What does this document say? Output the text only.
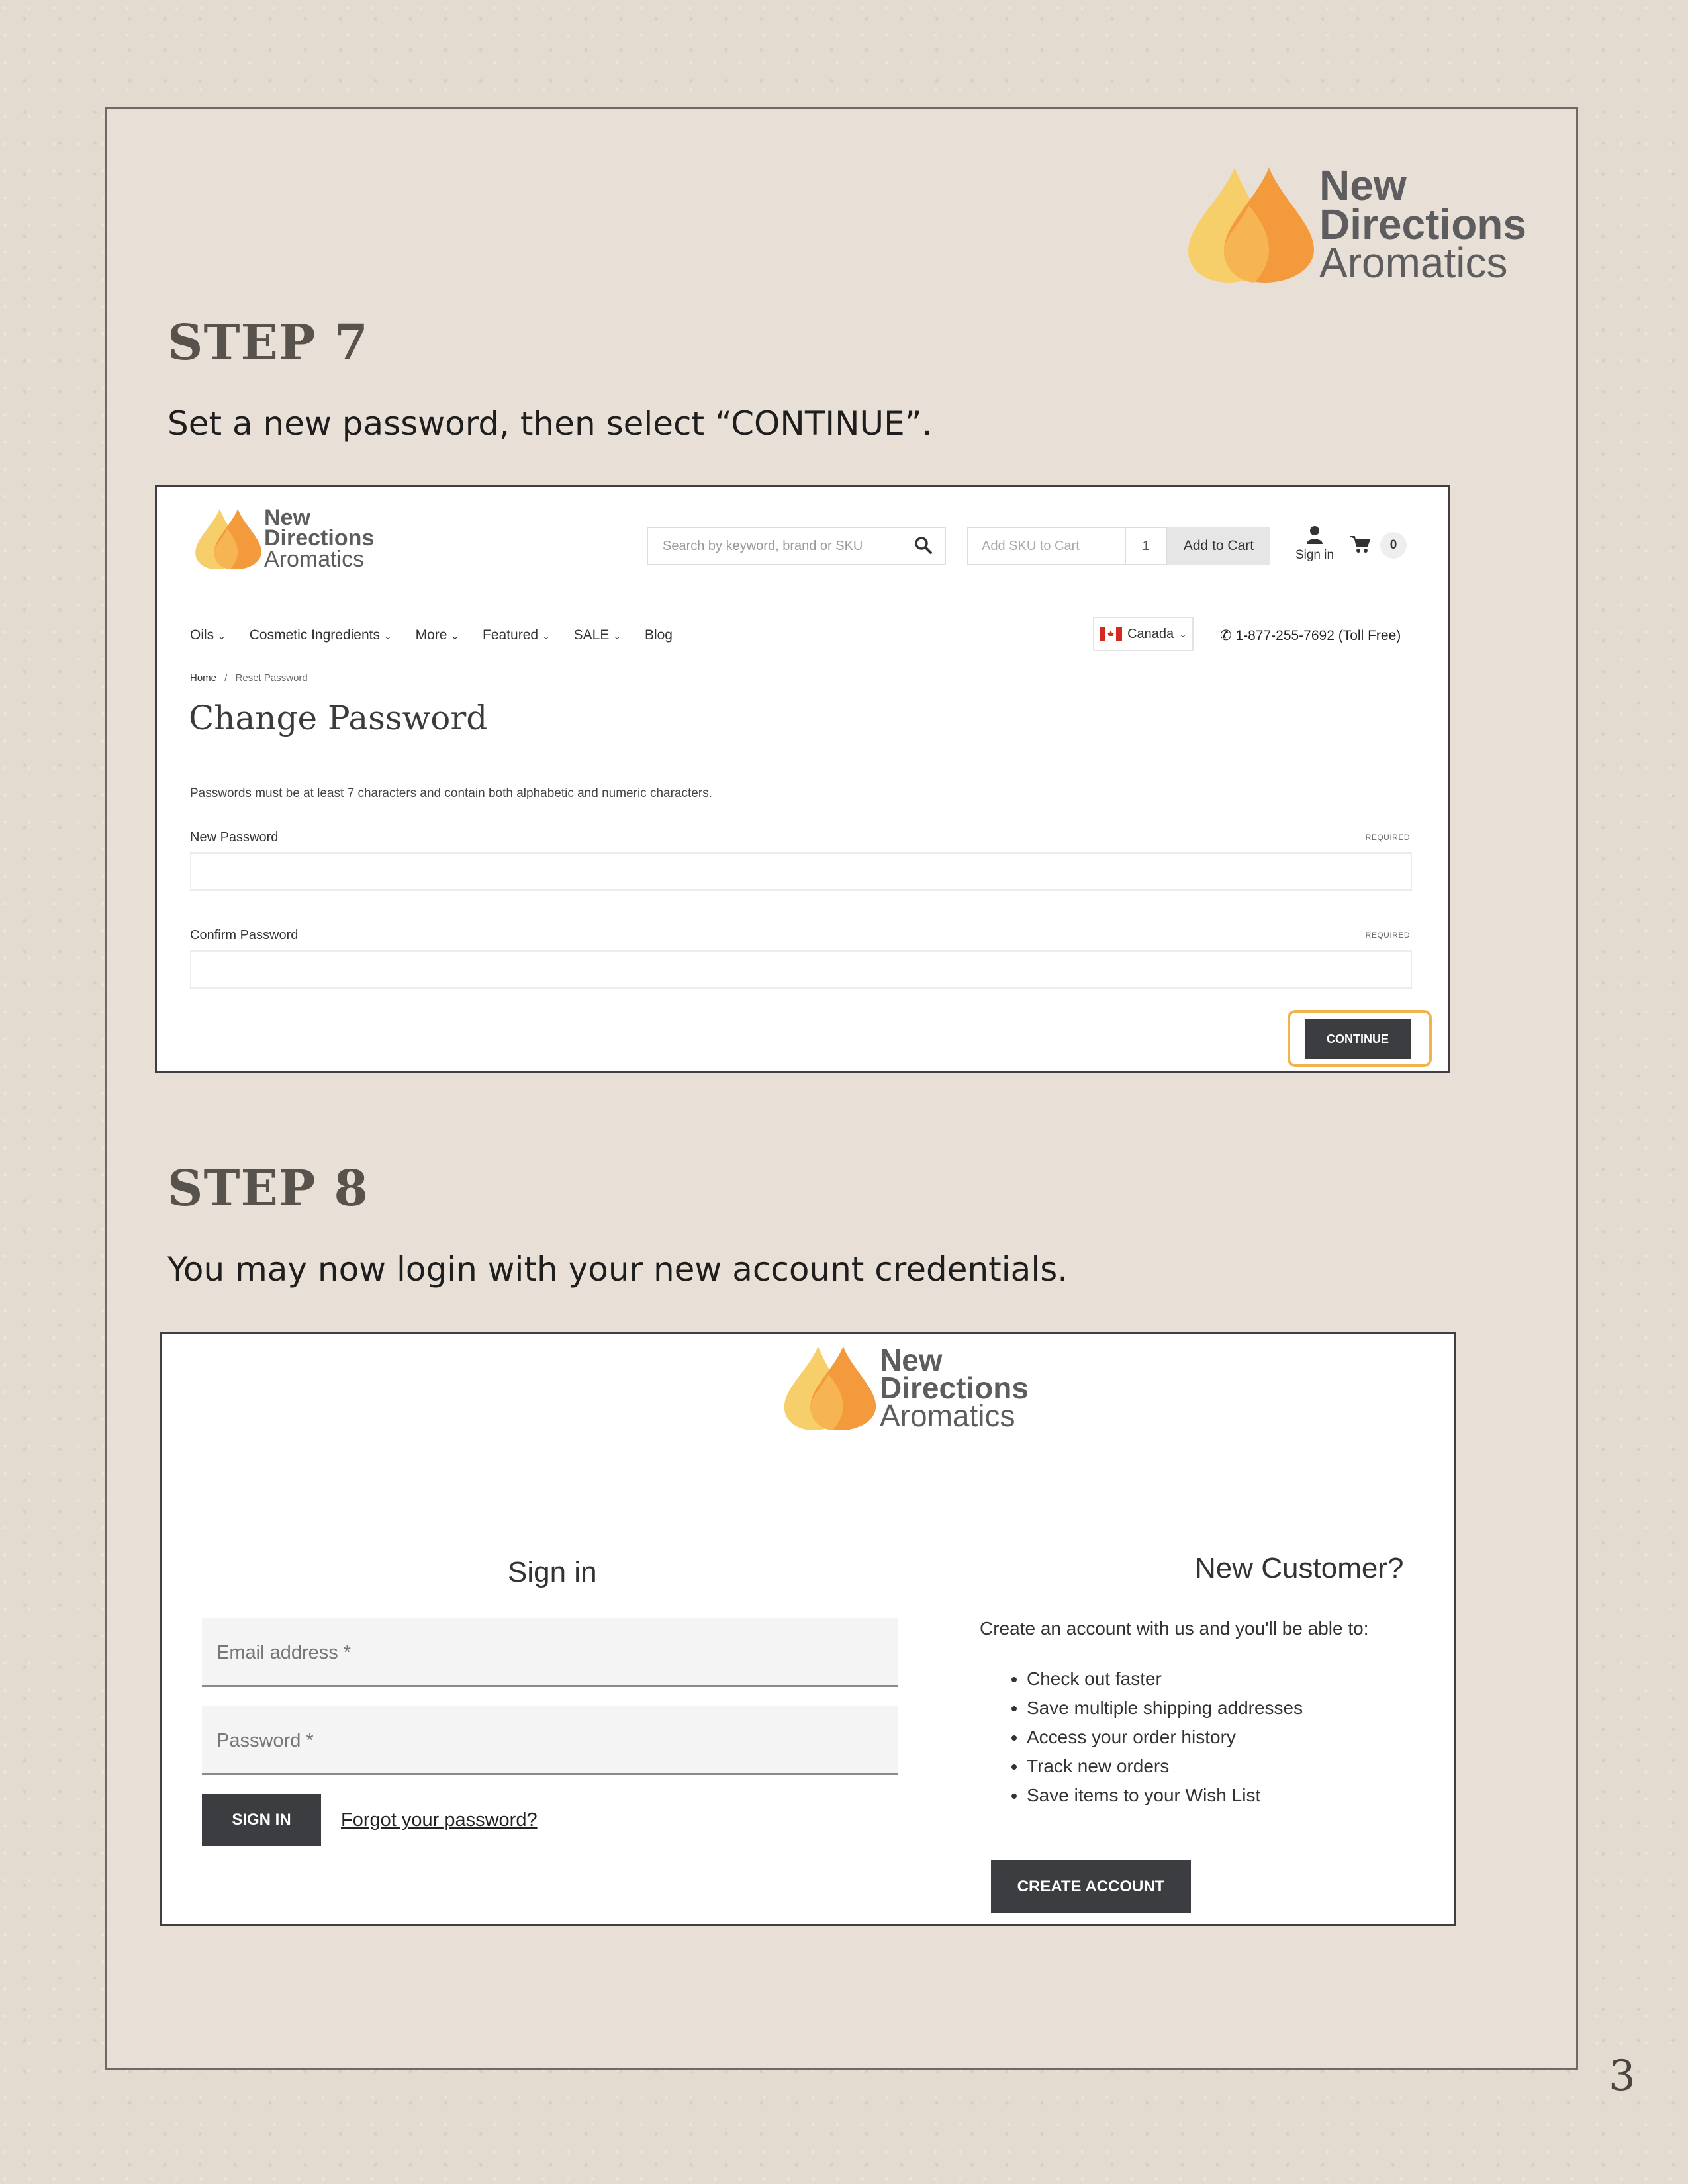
New
Directions
Aromatics
STEP 7
Set a new password, then select “CONTINUE”.
STEP 8
You may now login with your new account credentials.
New
Directions
Aromatics
Search by keyword, brand or SKU	Add SKU to Cart	1	Add to Cart
Sign in
0
Oils ⌄ Cosmetic Ingredients ⌄ More ⌄ Featured ⌄ SALE ⌄ Blog	Canada ⌄ ✆ 1-877-255-7692 (Toll Free)
Home / Reset Password
Change Password
Passwords must be at least 7 characters and contain both alphabetic and numeric characters.
New Password	REQUIRED
Confirm Password	REQUIRED
CONTINUE
New
Directions
Aromatics
Sign in
Email address *
Password *
SIGN IN	Forgot your password?
New Customer?
Create an account with us and you'll be able to:
• Check out faster
• Save multiple shipping addresses
• Access your order history
• Track new orders
• Save items to your Wish List
CREATE ACCOUNT
3
